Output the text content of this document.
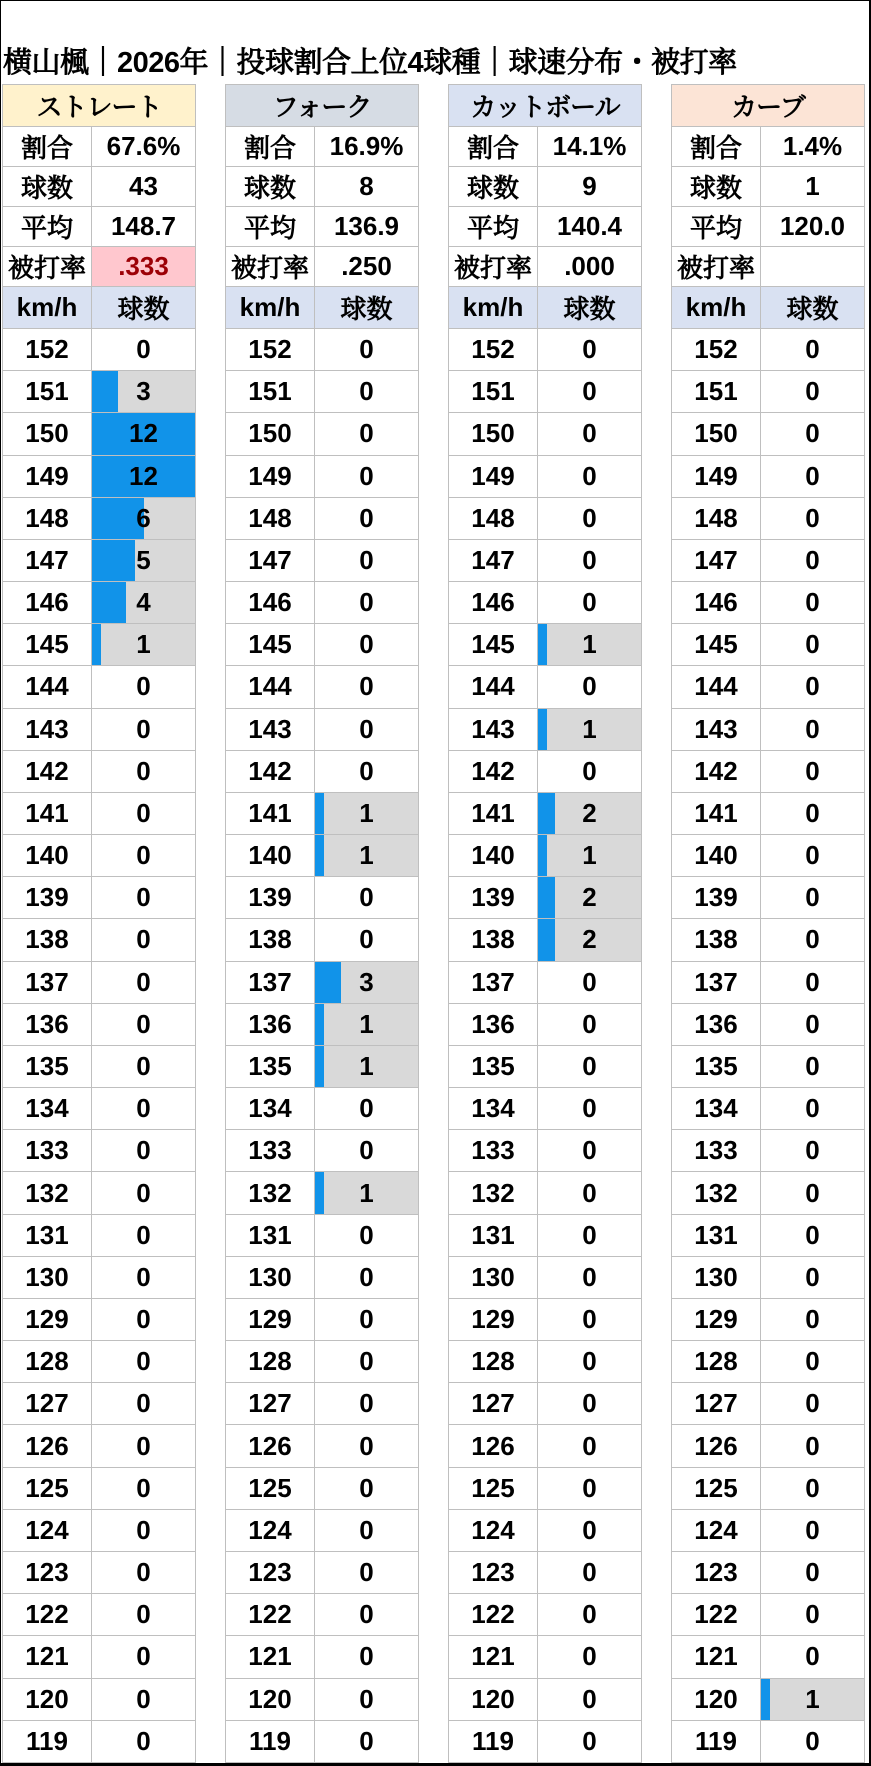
横山楓｜2026年｜投球割合上位4球種｜球速分布・被打率
ストレート
割合	67.6%
球数	43
平均	148.7
被打率	.333
km/h	球数
152	0
151	3
150	12
149	12
148	6
147	5
146	4
145	1
144	0
143	0
142	0
141	0
140	0
139	0
138	0
137	0
136	0
135	0
134	0
133	0
132	0
131	0
130	0
129	0
128	0
127	0
126	0
125	0
124	0
123	0
122	0
121	0
120	0
119	0
フォーク
割合	16.9%
球数	8
平均	136.9
被打率	.250
km/h	球数
152	0
151	0
150	0
149	0
148	0
147	0
146	0
145	0
144	0
143	0
142	0
141	1
140	1
139	0
138	0
137	3
136	1
135	1
134	0
133	0
132	1
131	0
130	0
129	0
128	0
127	0
126	0
125	0
124	0
123	0
122	0
121	0
120	0
119	0
カットボール
割合	14.1%
球数	9
平均	140.4
被打率	.000
km/h	球数
152	0
151	0
150	0
149	0
148	0
147	0
146	0
145	1
144	0
143	1
142	0
141	2
140	1
139	2
138	2
137	0
136	0
135	0
134	0
133	0
132	0
131	0
130	0
129	0
128	0
127	0
126	0
125	0
124	0
123	0
122	0
121	0
120	0
119	0
カーブ
割合	1.4%
球数	1
平均	120.0
被打率
km/h	球数
152	0
151	0
150	0
149	0
148	0
147	0
146	0
145	0
144	0
143	0
142	0
141	0
140	0
139	0
138	0
137	0
136	0
135	0
134	0
133	0
132	0
131	0
130	0
129	0
128	0
127	0
126	0
125	0
124	0
123	0
122	0
121	0
120	1
119	0
